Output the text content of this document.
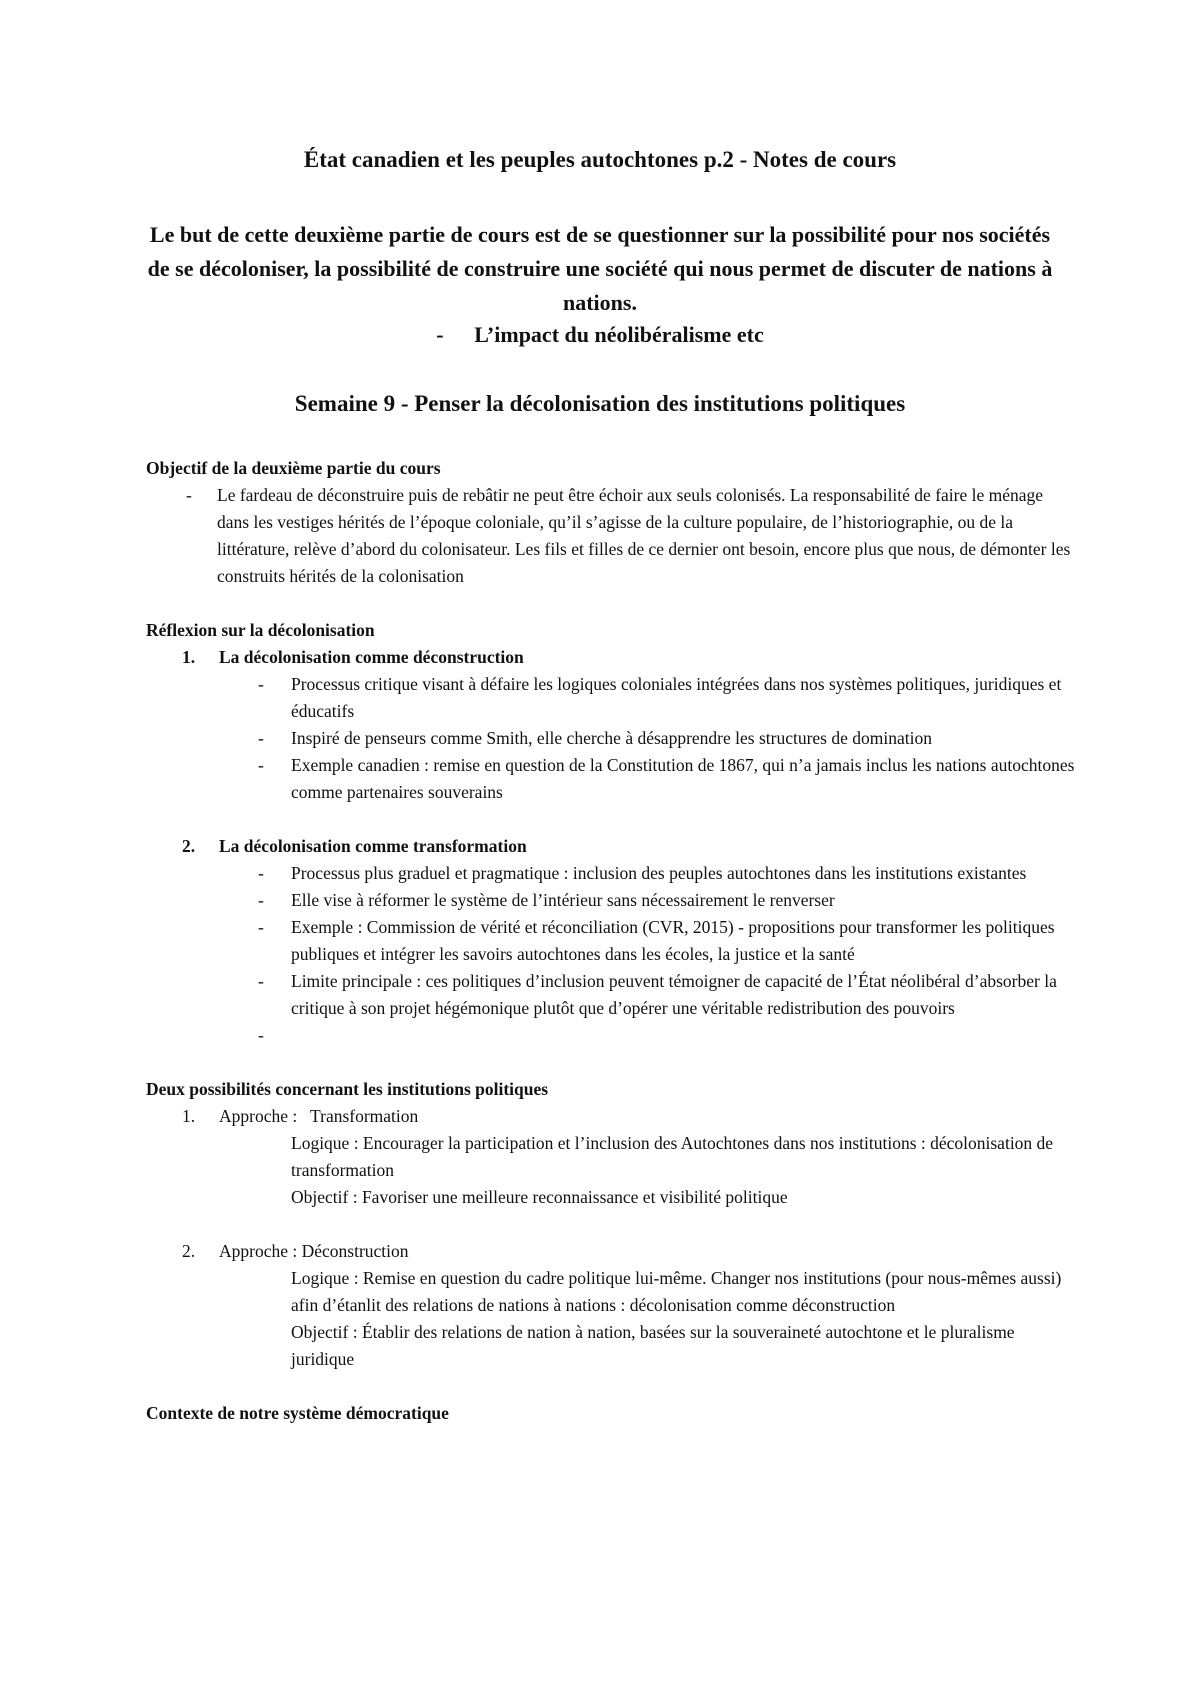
État canadien et les peuples autochtones p.2 - Notes de cours

Le but de cette deuxième partie de cours est de se questionner sur la possibilité pour nos sociétés de se décoloniser, la possibilité de construire une société qui nous permet de discuter de nations à nations.

- L’impact du néolibéralisme etc

Semaine 9 - Penser la décolonisation des institutions politiques

Objectif de la deuxième partie du cours

- Le fardeau de déconstruire puis de rebâtir ne peut être échoir aux seuls colonisés. La responsabilité de faire le ménage dans les vestiges hérités de l’époque coloniale, qu’il s’agisse de la culture populaire, de l’historiographie, ou de la littérature, relève d’abord du colonisateur. Les fils et filles de ce dernier ont besoin, encore plus que nous, de démonter les construits hérités de la colonisation

Réflexion sur la décolonisation

1. La décolonisation comme déconstruction

- Processus critique visant à défaire les logiques coloniales intégrées dans nos systèmes politiques, juridiques et éducatifs
- Inspiré de penseurs comme Smith, elle cherche à désapprendre les structures de domination
- Exemple canadien : remise en question de la Constitution de 1867, qui n’a jamais inclus les nations autochtones comme partenaires souverains

2. La décolonisation comme transformation

- Processus plus graduel et pragmatique : inclusion des peuples autochtones dans les institutions existantes
- Elle vise à réformer le système de l’intérieur sans nécessairement le renverser
- Exemple : Commission de vérité et réconciliation (CVR, 2015) - propositions pour transformer les politiques publiques et intégrer les savoirs autochtones dans les écoles, la justice et la santé
- Limite principale : ces politiques d’inclusion peuvent témoigner de capacité de l’État néolibéral d’absorber la critique à son projet hégémonique plutôt que d’opérer une véritable redistribution des pouvoirs
-

Deux possibilités concernant les institutions politiques

1. Approche :   Transformation

Logique : Encourager la participation et l’inclusion des Autochtones dans nos institutions : décolonisation de transformation

Objectif : Favoriser une meilleure reconnaissance et visibilité politique

2. Approche : Déconstruction

Logique : Remise en question du cadre politique lui-même. Changer nos institutions (pour nous-mêmes aussi) afin d’étanlit des relations de nations à nations : décolonisation comme déconstruction

Objectif : Établir des relations de nation à nation, basées sur la souveraineté autochtone et le pluralisme juridique

Contexte de notre système démocratique
